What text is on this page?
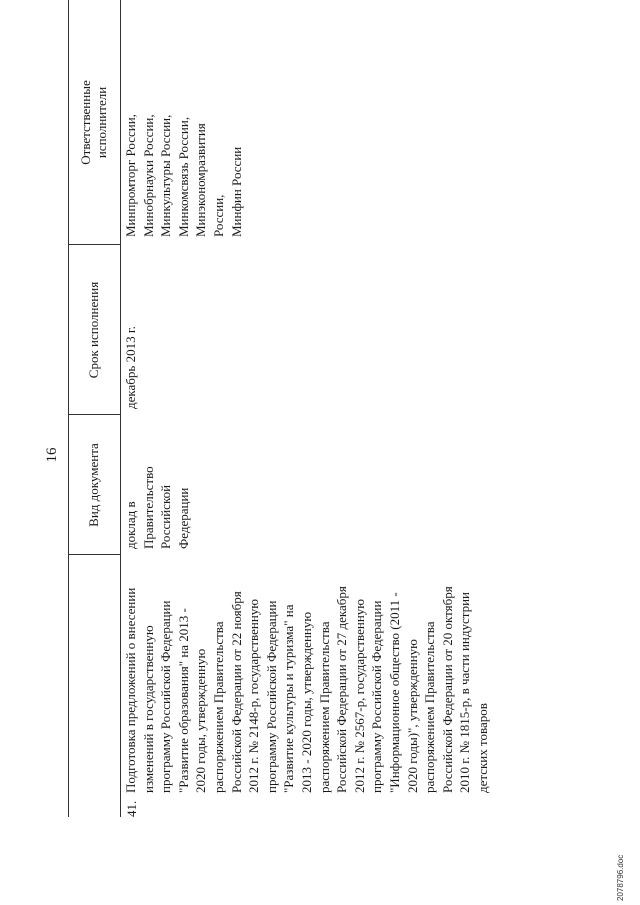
16 Вид документа
Срок исполнения
Ответственные исполнители
41.
Подготовка предложений о внесении изменений в государственную программу Российской Федерации "Развитие образования" на 2013 - 2020 годы, утвержденную распоряжением Правительства Российской Федерации от 22 ноября 2012 г. № 2148-р, государственную программу Российской Федерации "Развитие культуры и туризма" на 2013 - 2020 годы, утвержденную распоряжением Правительства Российской Федерации от 27 декабря 2012 г. № 2567-р, государственную программу Российской Федерации "Информационное общество (2011 - 2020 годы)", утвержденную распоряжением Правительства Российской Федерации от 20 октября 2010 г. № 1815-р, в части индустрии детских товаров
доклад в Правительство Российской Федерации
декабрь 2013 г.
Минпромторг России, Минобрнауки России, Минкультуры России, Минкомсвязь России, Минэкономразвития России, Минфин России
2078796.doc
